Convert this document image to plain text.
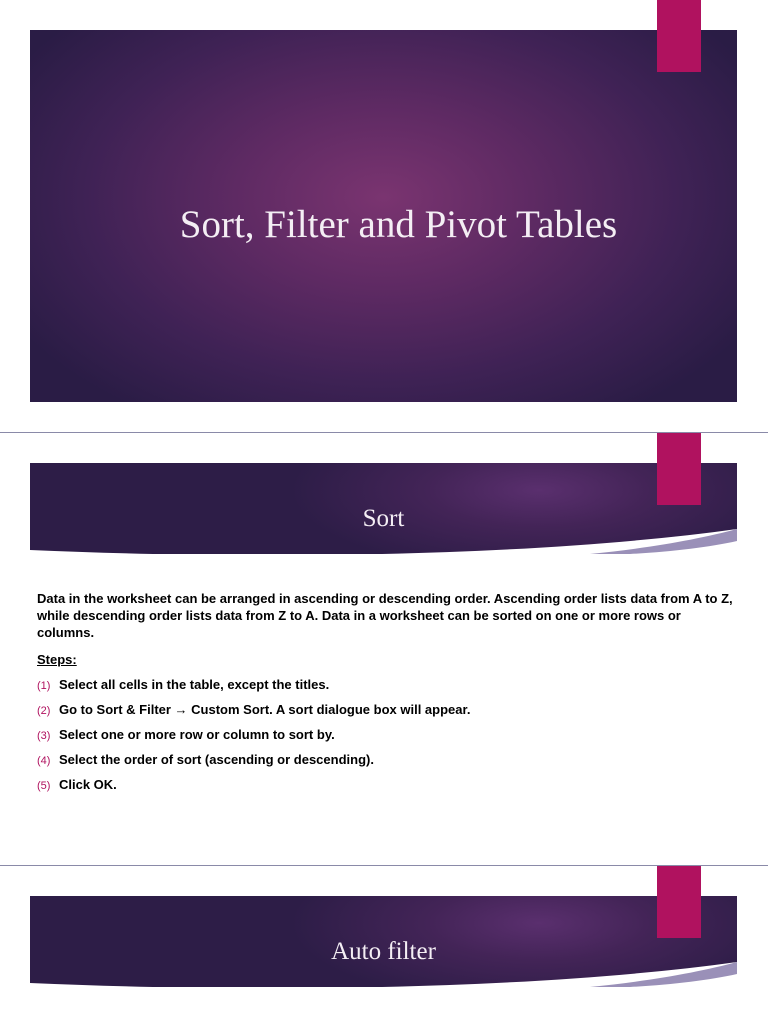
Sort, Filter and Pivot Tables
Sort
Data in the worksheet can be arranged in ascending or descending order. Ascending order lists data from A to Z, while descending order lists data from Z to A. Data in a worksheet can be sorted on one or more rows or columns.
Steps:
(1) Select all cells in the table, except the titles.
(2) Go to Sort & Filter → Custom Sort. A sort dialogue box will appear.
(3) Select one or more row or column to sort by.
(4) Select the order of sort (ascending or descending).
(5) Click OK.
Auto filter
